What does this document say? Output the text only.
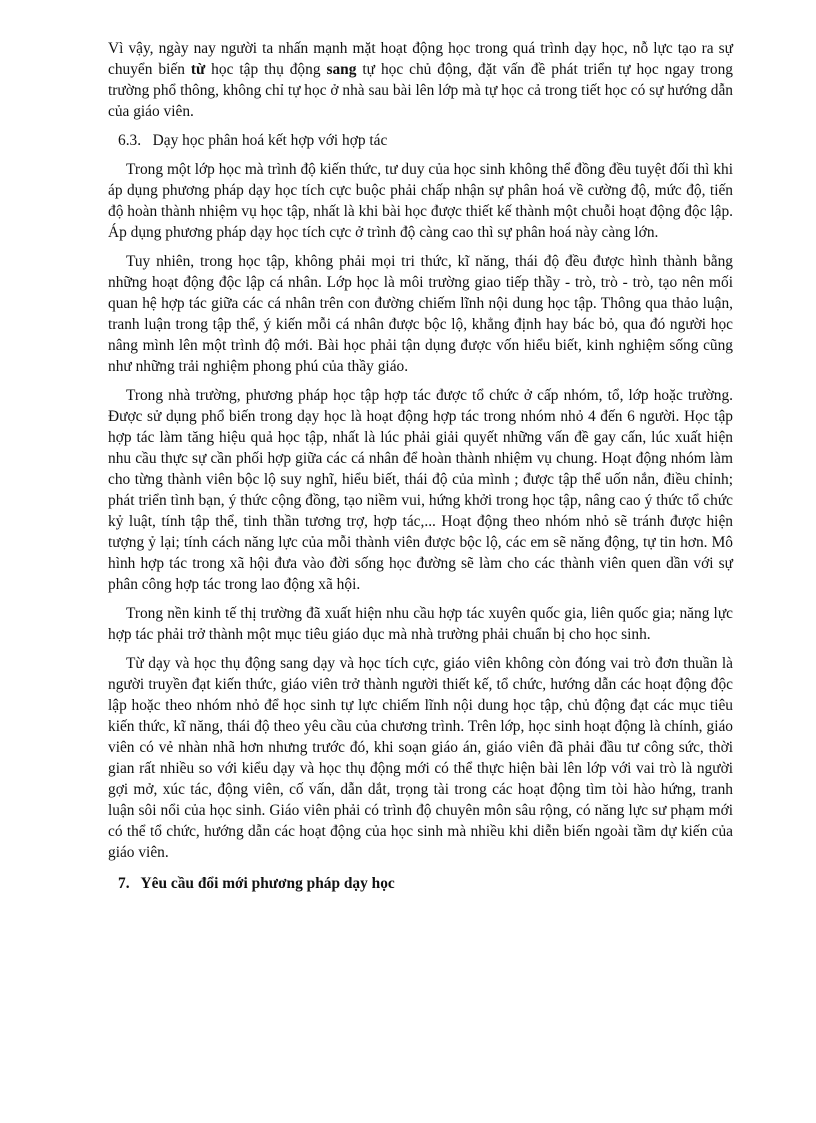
Vì vậy, ngày nay người ta nhấn mạnh mặt hoạt động học trong quá trình dạy học, nỗ lực tạo ra sự chuyển biến từ học tập thụ động sang tự học chủ động, đặt vấn đề phát triển tự học ngay trong trường phổ thông, không chỉ tự học ở nhà sau bài lên lớp mà tự học cả trong tiết học có sự hướng dẫn của giáo viên.

6.3. Dạy học phân hoá kết hợp với hợp tác

Trong một lớp học mà trình độ kiến thức, tư duy của học sinh không thể đồng đều tuyệt đối thì khi áp dụng phương pháp dạy học tích cực buộc phải chấp nhận sự phân hoá về cường độ, mức độ, tiến độ hoàn thành nhiệm vụ học tập, nhất là khi bài học được thiết kế thành một chuỗi hoạt động độc lập. Áp dụng phương pháp dạy học tích cực ở trình độ càng cao thì sự phân hoá này càng lớn.

Tuy nhiên, trong học tập, không phải mọi tri thức, kĩ năng, thái độ đều được hình thành bằng những hoạt động độc lập cá nhân. Lớp học là môi trường giao tiếp thầy - trò, trò - trò, tạo nên mối quan hệ hợp tác giữa các cá nhân trên con đường chiếm lĩnh nội dung học tập. Thông qua thảo luận, tranh luận trong tập thể, ý kiến mỗi cá nhân được bộc lộ, khẳng định hay bác bỏ, qua đó người học nâng mình lên một trình độ mới. Bài học phải tận dụng được vốn hiểu biết, kinh nghiệm sống cũng như những trải nghiệm phong phú của thầy giáo.

Trong nhà trường, phương pháp học tập hợp tác được tổ chức ở cấp nhóm, tổ, lớp hoặc trường. Được sử dụng phổ biến trong dạy học là hoạt động hợp tác trong nhóm nhỏ 4 đến 6 người. Học tập hợp tác làm tăng hiệu quả học tập, nhất là lúc phải giải quyết những vấn đề gay cấn, lúc xuất hiện nhu cầu thực sự cần phối hợp giữa các cá nhân để hoàn thành nhiệm vụ chung. Hoạt động nhóm làm cho từng thành viên bộc lộ suy nghĩ, hiểu biết, thái độ của mình ; được tập thể uốn nắn, điều chỉnh; phát triển tình bạn, ý thức cộng đồng, tạo niềm vui, hứng khởi trong học tập, nâng cao ý thức tổ chức kỷ luật, tính tập thể, tinh thần tương trợ, hợp tác,... Hoạt động theo nhóm nhỏ sẽ tránh được hiện tượng ỷ lại; tính cách năng lực của mỗi thành viên được bộc lộ, các em sẽ năng động, tự tin hơn. Mô hình hợp tác trong xã hội đưa vào đời sống học đường sẽ làm cho các thành viên quen dần với sự phân công hợp tác trong lao động xã hội.

Trong nền kinh tế thị trường đã xuất hiện nhu cầu hợp tác xuyên quốc gia, liên quốc gia; năng lực hợp tác phải trở thành một mục tiêu giáo dục mà nhà trường phải chuẩn bị cho học sinh.

Từ dạy và học thụ động sang dạy và học tích cực, giáo viên không còn đóng vai trò đơn thuần là người truyền đạt kiến thức, giáo viên trở thành người thiết kế, tổ chức, hướng dẫn các hoạt động độc lập hoặc theo nhóm nhỏ để học sinh tự lực chiếm lĩnh nội dung học tập, chủ động đạt các mục tiêu kiến thức, kĩ năng, thái độ theo yêu cầu của chương trình. Trên lớp, học sinh hoạt động là chính, giáo viên có vẻ nhàn nhã hơn nhưng trước đó, khi soạn giáo án, giáo viên đã phải đầu tư công sức, thời gian rất nhiều so với kiểu dạy và học thụ động mới có thể thực hiện bài lên lớp với vai trò là người gợi mở, xúc tác, động viên, cố vấn, dẫn dắt, trọng tài trong các hoạt động tìm tòi hào hứng, tranh luận sôi nổi của học sinh. Giáo viên phải có trình độ chuyên môn sâu rộng, có năng lực sư phạm mới có thể tổ chức, hướng dẫn các hoạt động của học sinh mà nhiều khi diễn biến ngoài tầm dự kiến của giáo viên.

7. Yêu cầu đổi mới phương pháp dạy học
